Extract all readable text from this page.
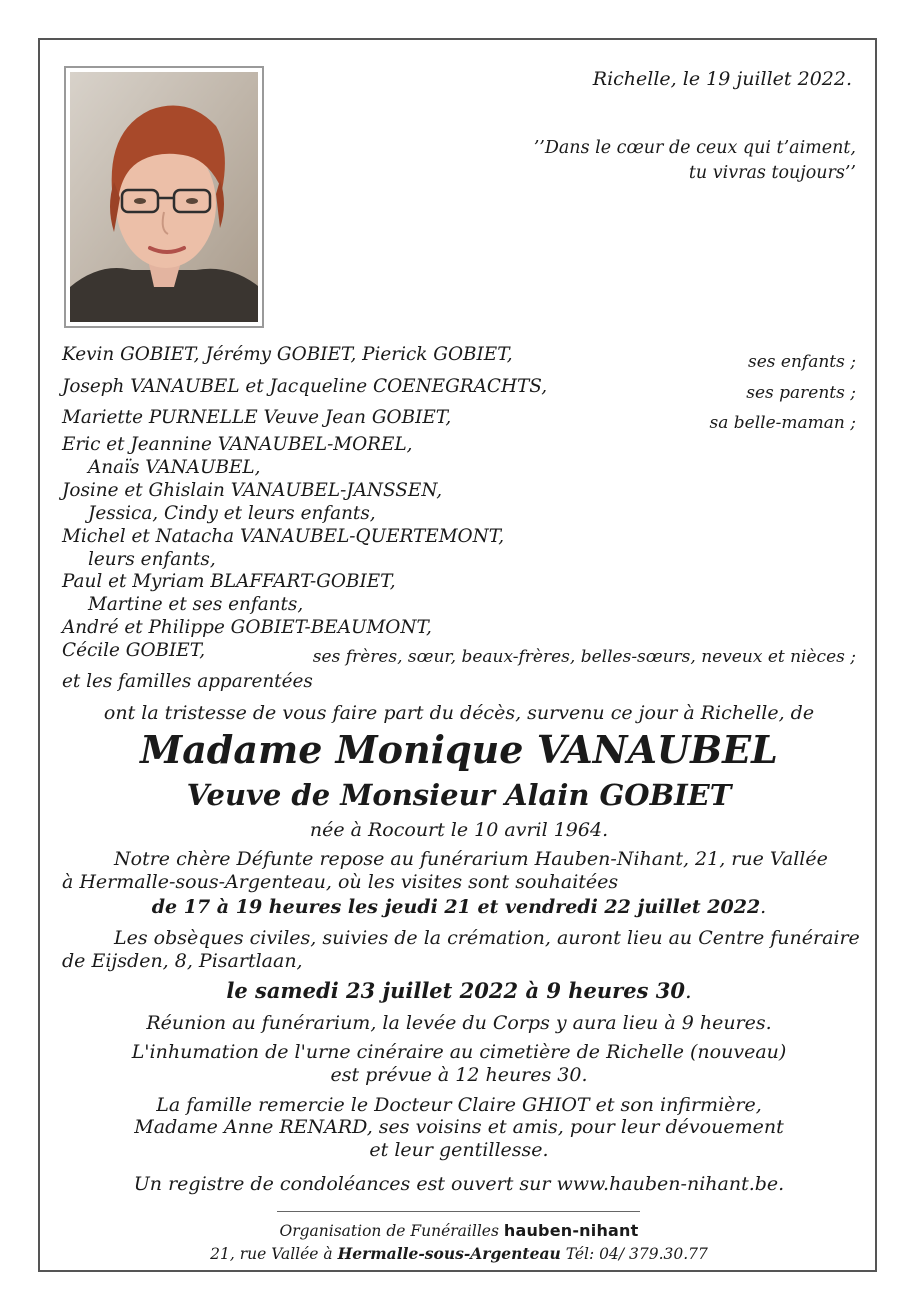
Richelle, le 19 juillet 2022.
’’Dans le cœur de ceux qui t’aiment,
tu vivras toujours’’
Kevin GOBIET, Jérémy GOBIET, Pierick GOBIET,
Joseph VANAUBEL et Jacqueline COENEGRACHTS,
Mariette PURNELLE Veuve Jean GOBIET,
Eric et Jeannine VANAUBEL-MOREL,
Anaïs VANAUBEL,
Josine et Ghislain VANAUBEL-JANSSEN,
Jessica, Cindy et leurs enfants,
Michel et Natacha VANAUBEL-QUERTEMONT,
leurs enfants,
Paul et Myriam BLAFFART-GOBIET,
Martine et ses enfants,
André et Philippe GOBIET-BEAUMONT,
Cécile GOBIET,
et les familles apparentées
ses enfants ;
ses parents ;
sa belle-maman ;
ses frères, sœur, beaux-frères, belles-sœurs, neveux et nièces ;
ont la tristesse de vous faire part du décès, survenu ce jour à Richelle, de
Madame Monique VANAUBEL
Veuve de Monsieur Alain GOBIET
née à Rocourt le 10 avril 1964.
Notre chère Défunte repose au funérarium Hauben-Nihant, 21, rue Vallée
à Hermalle-sous-Argenteau, où les visites sont souhaitées
de 17 à 19 heures les jeudi 21 et vendredi 22 juillet 2022.
Les obsèques civiles, suivies de la crémation, auront lieu au Centre funéraire
de Eijsden, 8, Pisartlaan,
le samedi 23 juillet 2022 à 9 heures 30.
Réunion au funérarium, la levée du Corps y aura lieu à 9 heures.
L'inhumation de l'urne cinéraire au cimetière de Richelle (nouveau)
est prévue à 12 heures 30.
La famille remercie le Docteur Claire GHIOT et son infirmière,
Madame Anne RENARD, ses voisins et amis, pour leur dévouement
et leur gentillesse.
Un registre de condoléances est ouvert sur www.hauben-nihant.be.
Organisation de Funérailles hauben-nihant
21, rue Vallée à Hermalle-sous-Argenteau Tél: 04/ 379.30.77
